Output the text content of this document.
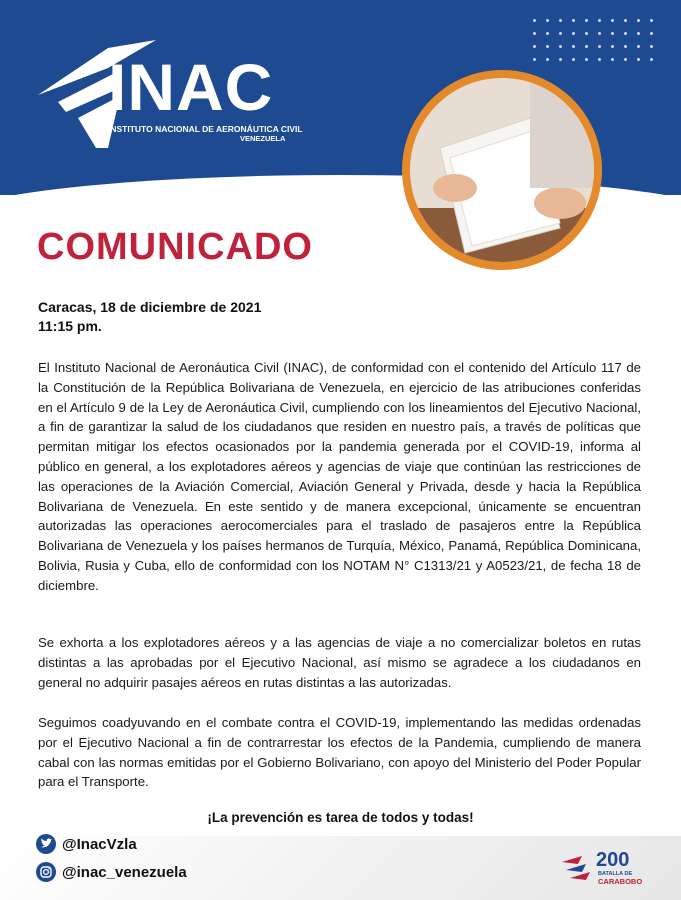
INAC
INSTITUTO NACIONAL DE AERONÁUTICA CIVIL
VENEZUELA
COMUNICADO
Caracas, 18 de diciembre de 2021
11:15 pm.

El Instituto Nacional de Aeronáutica Civil (INAC), de conformidad con el contenido del Artículo 117 de la Constitución de la República Bolivariana de Venezuela, en ejercicio de las atribuciones conferidas en el Artículo 9 de la Ley de Aeronáutica Civil, cumpliendo con los lineamientos del Ejecutivo Nacional, a fin de garantizar la salud de los ciudadanos que residen en nuestro país, a través de políticas que permitan mitigar los efectos ocasionados por la pandemia generada por el COVID-19, informa al público en general, a los explotadores aéreos y agencias de viaje que continúan las restricciones de las operaciones de la Aviación Comercial, Aviación General y Privada, desde y hacia la República Bolivariana de Venezuela. En este sentido y de manera excepcional, únicamente se encuentran autorizadas las operaciones aerocomerciales para el traslado de pasajeros entre la República Bolivariana de Venezuela y los países hermanos de Turquía, México, Panamá, República Dominicana, Bolivia, Rusia y Cuba, ello de conformidad con los NOTAM N° C1313/21 y A0523/21, de fecha 18 de diciembre.

Se exhorta a los explotadores aéreos y a las agencias de viaje a no comercializar boletos en rutas distintas a las aprobadas por el Ejecutivo Nacional, así mismo se agradece a los ciudadanos en general no adquirir pasajes aéreos en rutas distintas a las autorizadas.

Seguimos coadyuvando en el combate contra el COVID-19, implementando las medidas ordenadas por el Ejecutivo Nacional a fin de contrarrestar los efectos de la Pandemia, cumpliendo de manera cabal con las normas emitidas por el Gobierno Bolivariano, con apoyo del Ministerio del Poder Popular para el Transporte.

¡La prevención es tarea de todos y todas!
@InacVzla
@inac_venezuela
200
BATALLA DE
CARABOBO
